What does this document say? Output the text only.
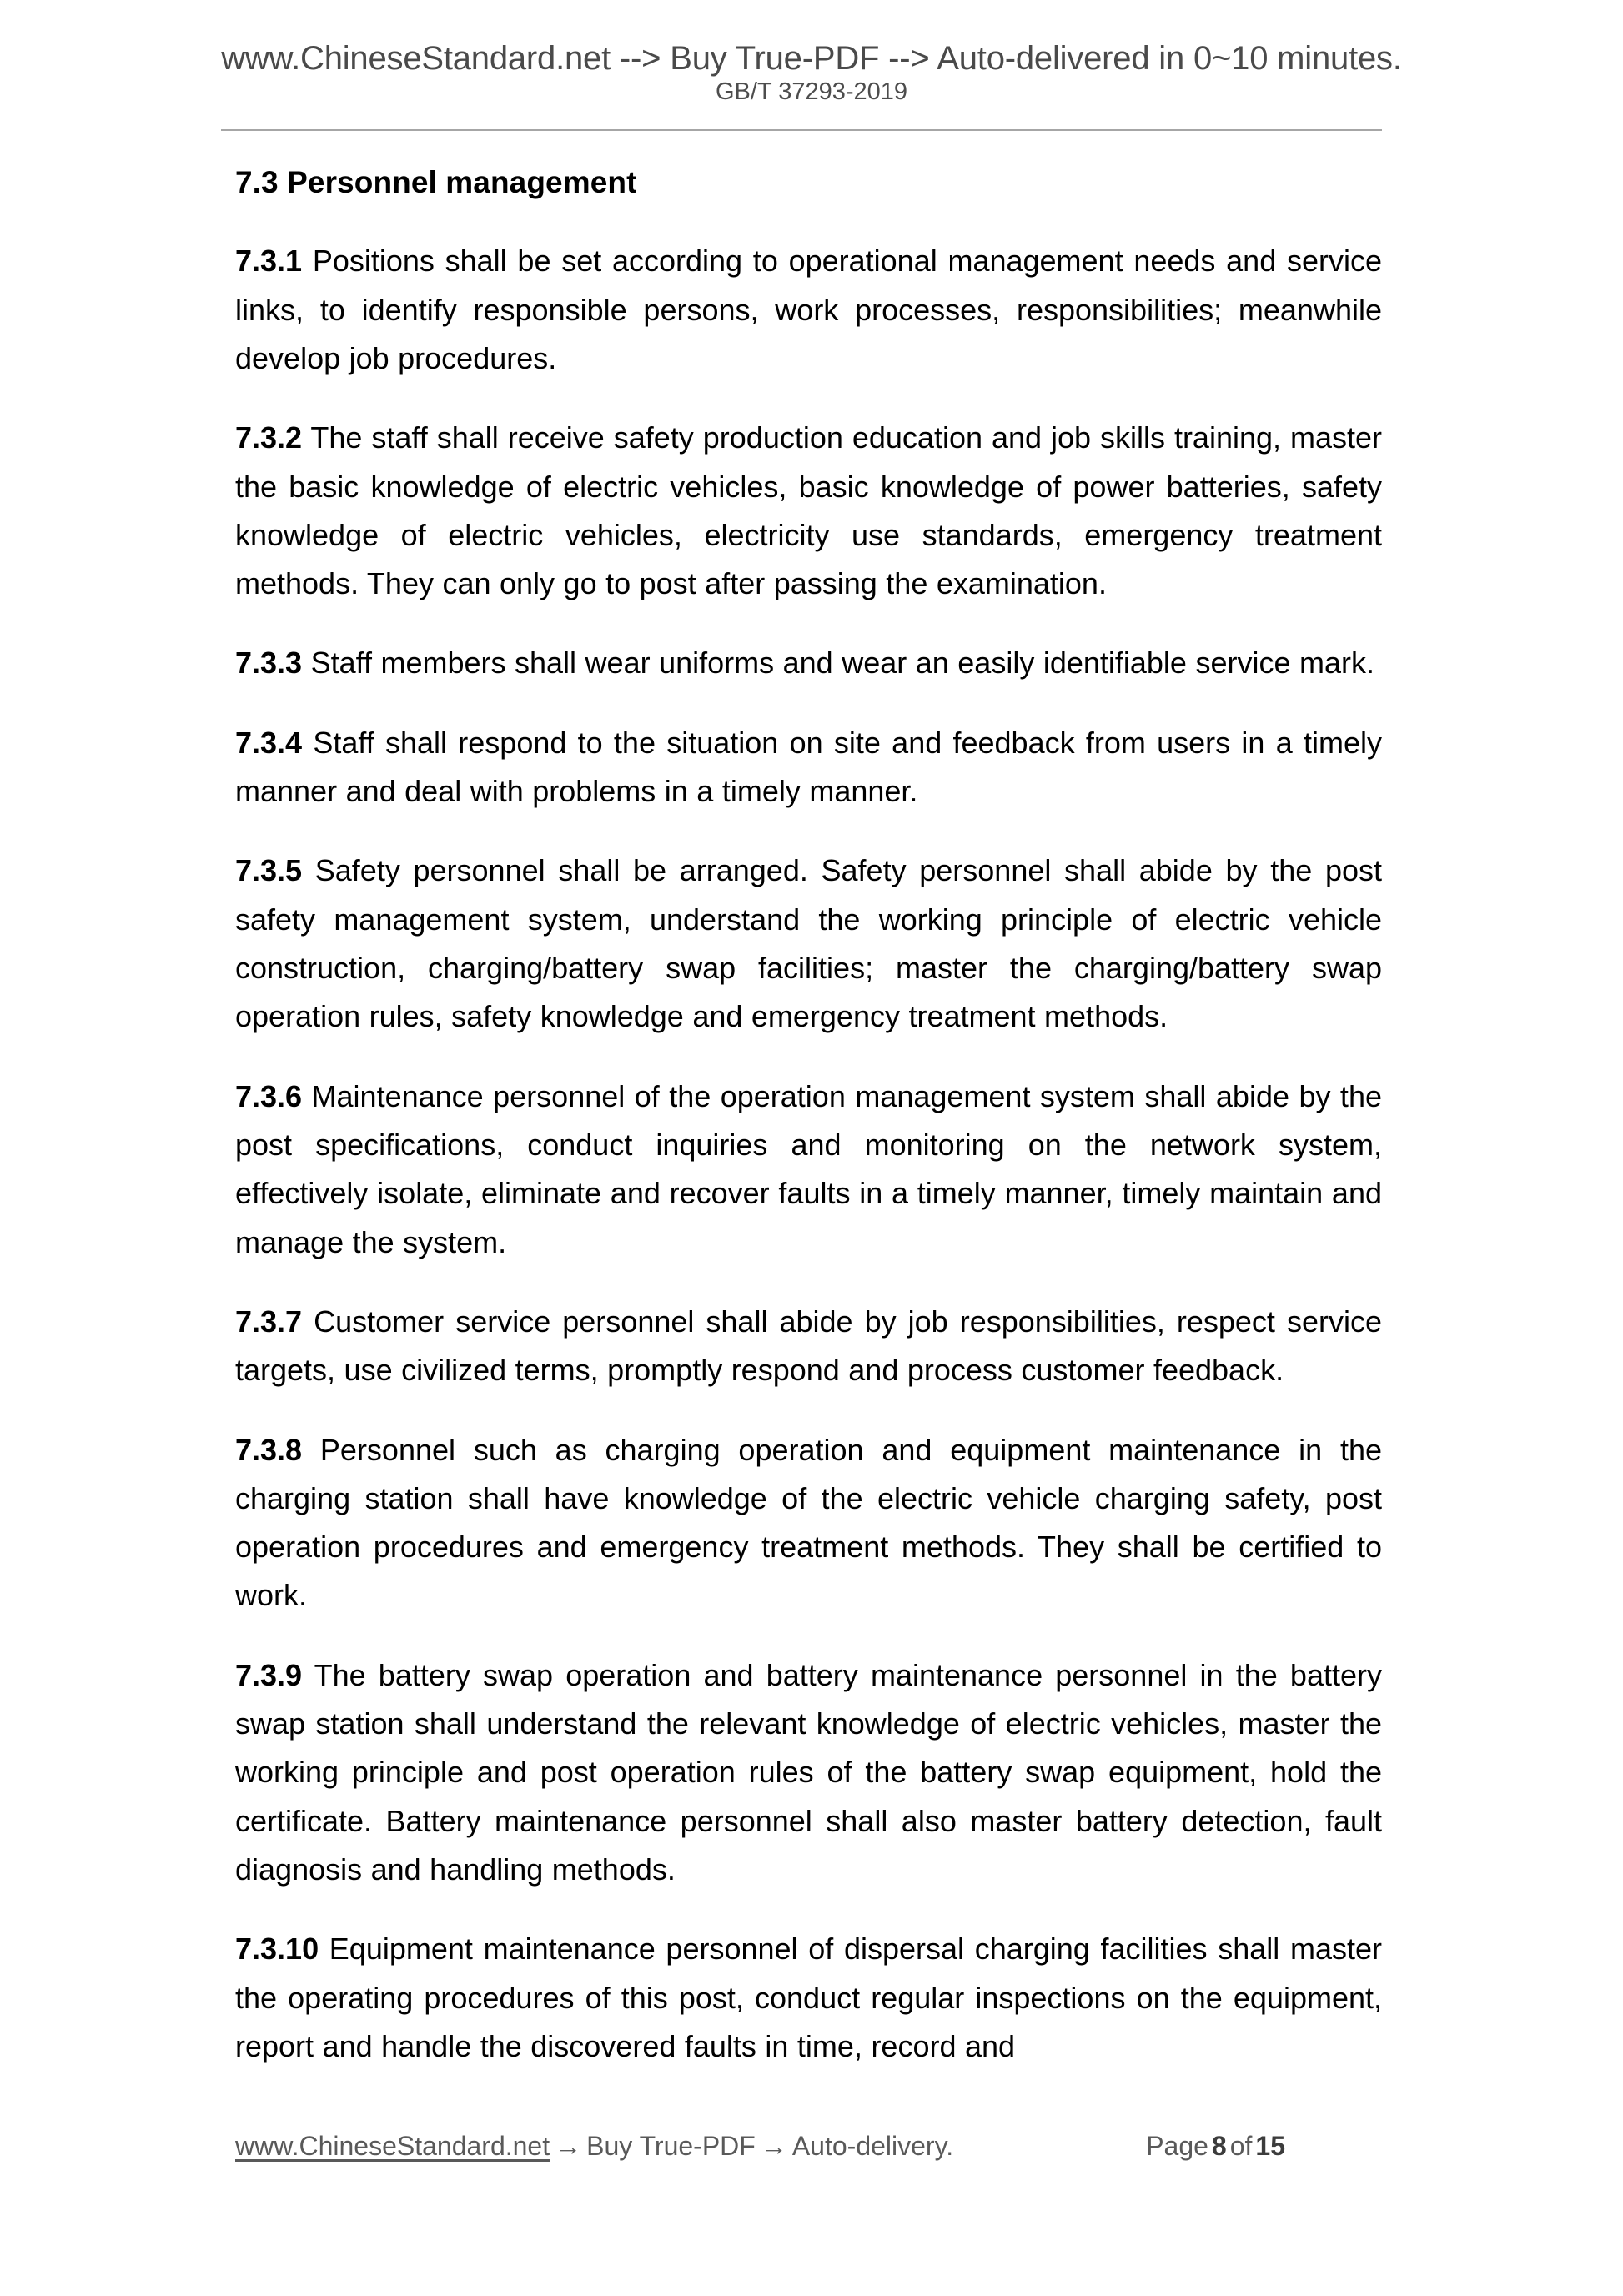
www.ChineseStandard.net --> Buy True-PDF --> Auto-delivered in 0~10 minutes.
GB/T 37293-2019
7.3 Personnel management

7.3.1 Positions shall be set according to operational management needs and service links, to identify responsible persons, work processes, responsibilities; meanwhile develop job procedures.

7.3.2 The staff shall receive safety production education and job skills training, master the basic knowledge of electric vehicles, basic knowledge of power batteries, safety knowledge of electric vehicles, electricity use standards, emergency treatment methods. They can only go to post after passing the examination.

7.3.3 Staff members shall wear uniforms and wear an easily identifiable service mark.

7.3.4 Staff shall respond to the situation on site and feedback from users in a timely manner and deal with problems in a timely manner.

7.3.5 Safety personnel shall be arranged. Safety personnel shall abide by the post safety management system, understand the working principle of electric vehicle construction, charging/battery swap facilities; master the charging/battery swap operation rules, safety knowledge and emergency treatment methods.

7.3.6 Maintenance personnel of the operation management system shall abide by the post specifications, conduct inquiries and monitoring on the network system, effectively isolate, eliminate and recover faults in a timely manner, timely maintain and manage the system.

7.3.7 Customer service personnel shall abide by job responsibilities, respect service targets, use civilized terms, promptly respond and process customer feedback.

7.3.8 Personnel such as charging operation and equipment maintenance in the charging station shall have knowledge of the electric vehicle charging safety, post operation procedures and emergency treatment methods. They shall be certified to work.

7.3.9 The battery swap operation and battery maintenance personnel in the battery swap station shall understand the relevant knowledge of electric vehicles, master the working principle and post operation rules of the battery swap equipment, hold the certificate. Battery maintenance personnel shall also master battery detection, fault diagnosis and handling methods.

7.3.10 Equipment maintenance personnel of dispersal charging facilities shall master the operating procedures of this post, conduct regular inspections on the equipment, report and handle the discovered faults in time, record and

www.ChineseStandard.net → Buy True-PDF → Auto-delivery.	Page 8 of 15
